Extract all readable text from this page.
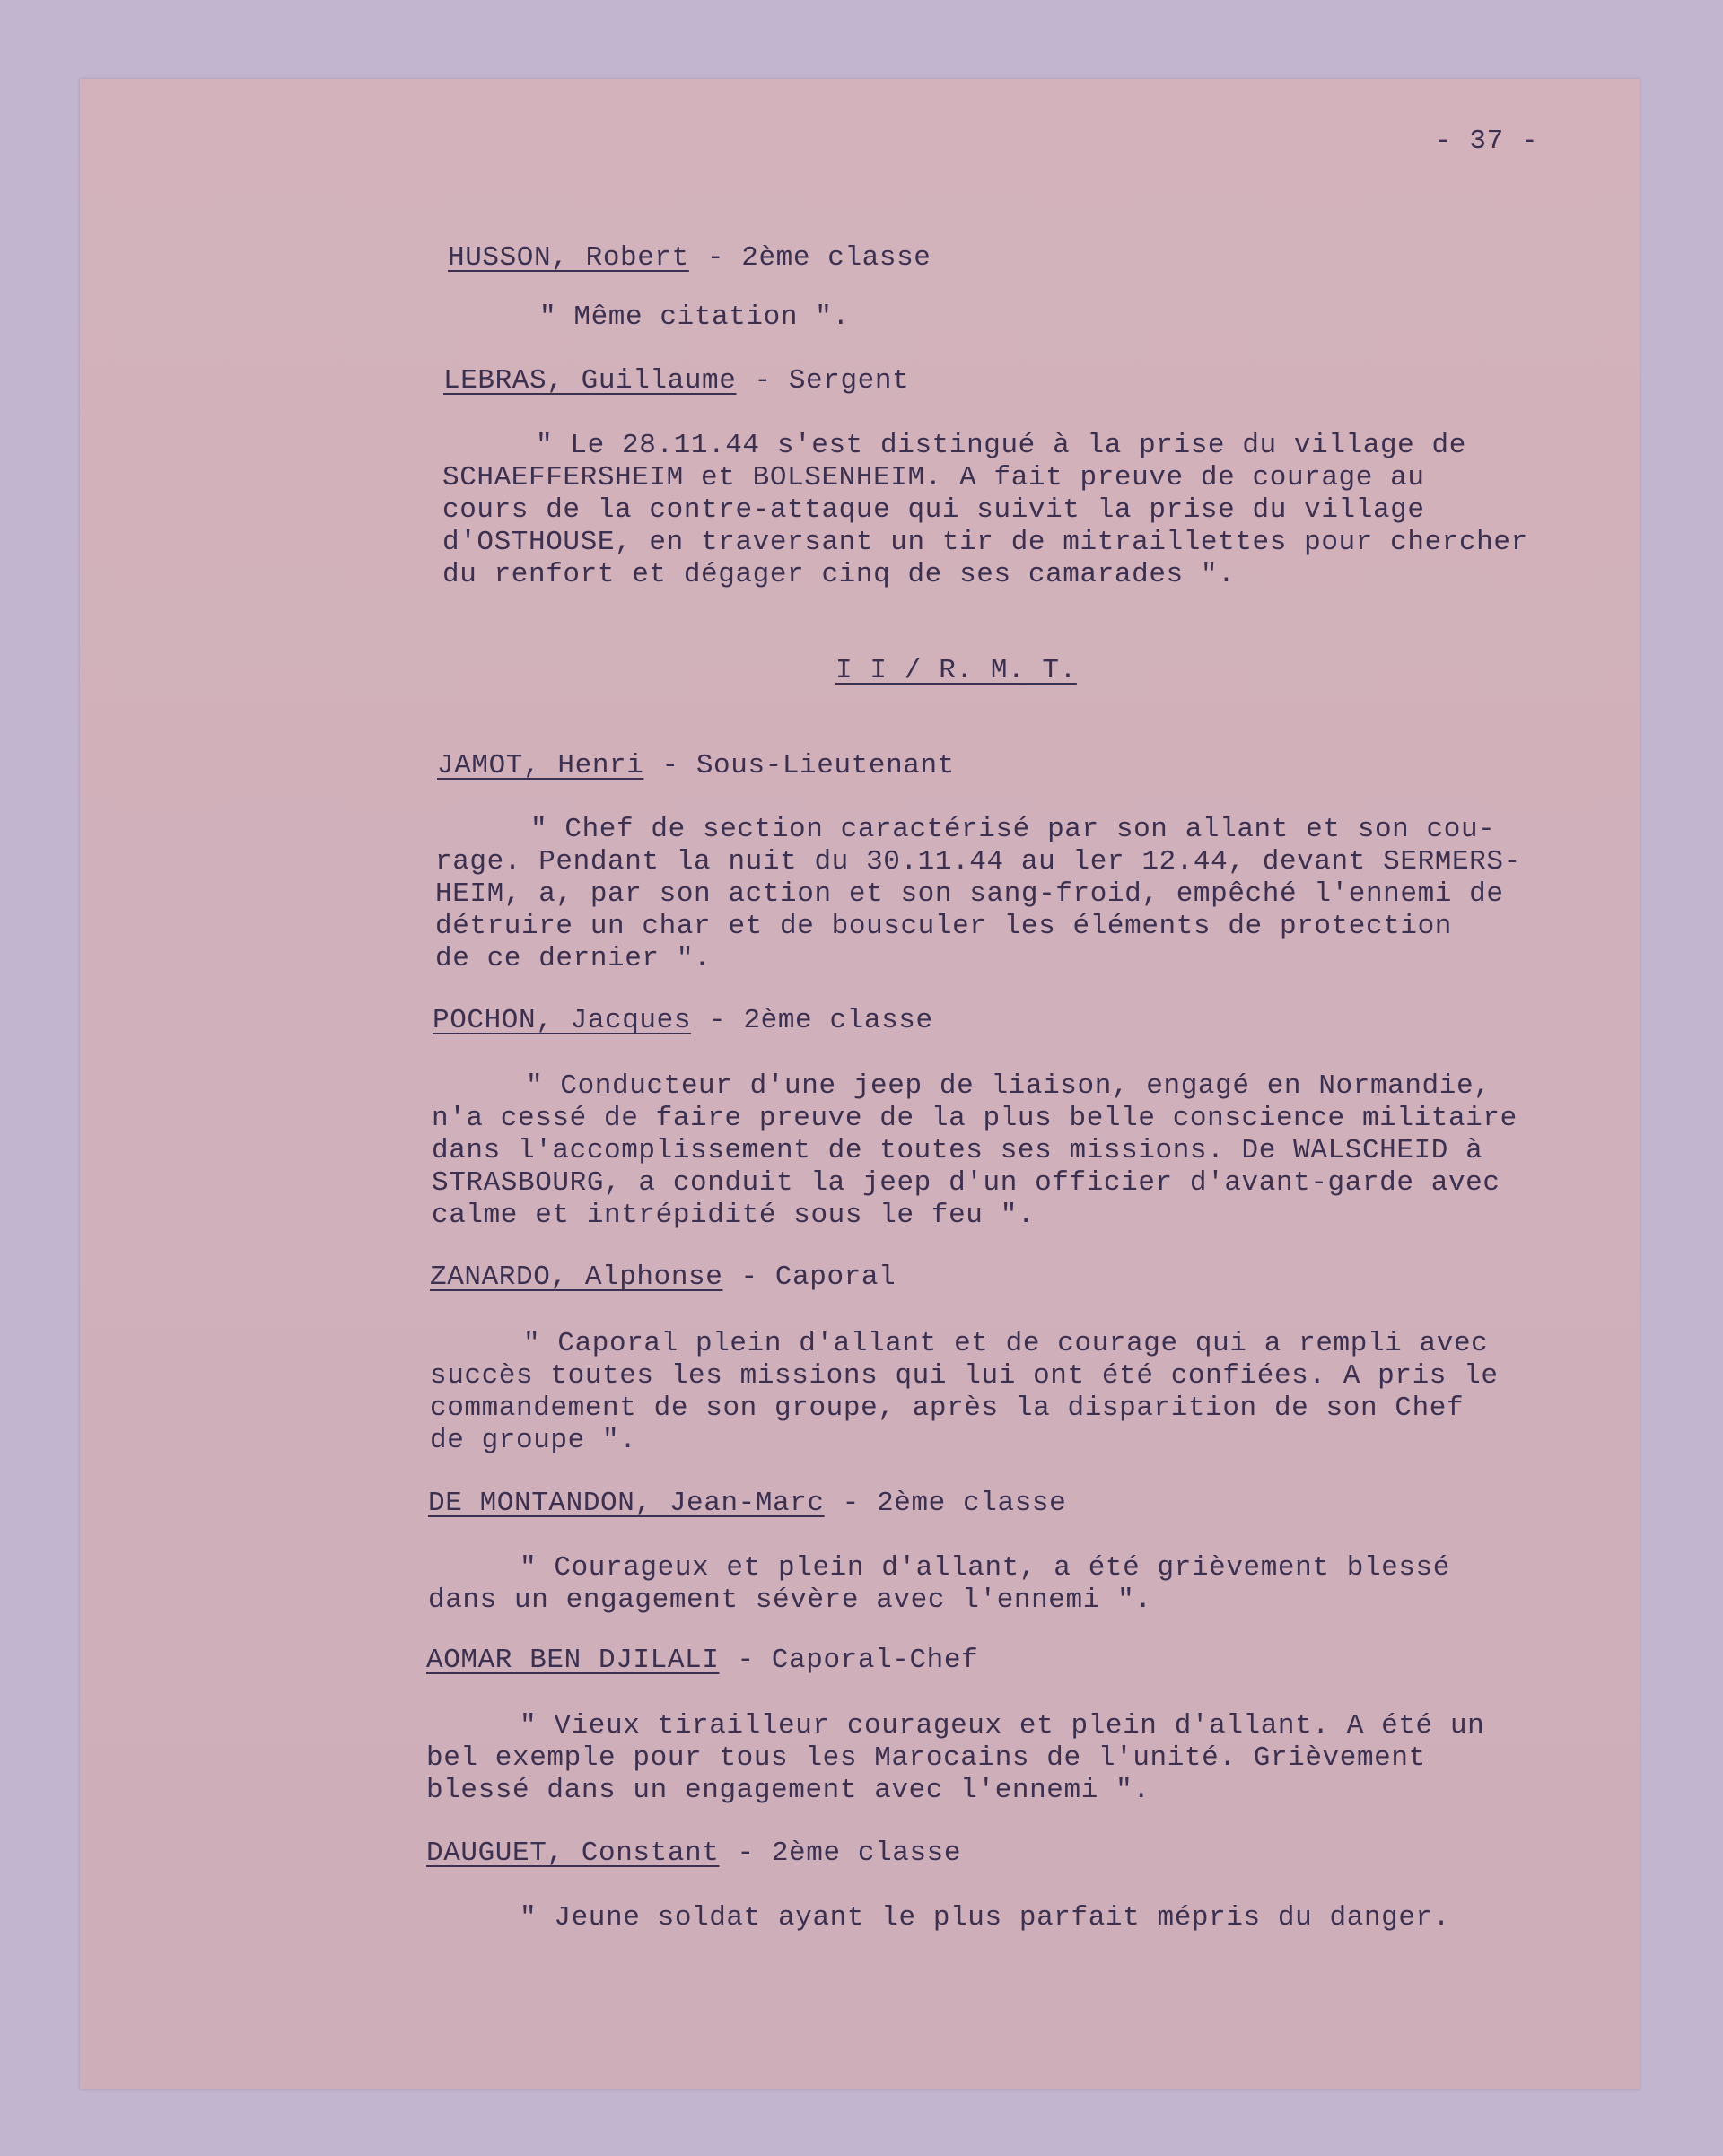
- 37 -
HUSSON, Robert - 2ème classe
" Même citation ".
LEBRAS, Guillaume - Sergent
" Le 28.11.44 s'est distingué à la prise du village de
SCHAEFFERSHEIM et BOLSENHEIM. A fait preuve de courage au
cours de la contre-attaque qui suivit la prise du village
d'OSTHOUSE, en traversant un tir de mitraillettes pour chercher
du renfort et dégager cinq de ses camarades ".
I I / R. M. T.
JAMOT, Henri - Sous-Lieutenant
" Chef de section caractérisé par son allant et son cou-
rage. Pendant la nuit du 30.11.44 au ler 12.44, devant SERMERS-
HEIM, a, par son action et son sang-froid, empêché l'ennemi de
détruire un char et de bousculer les éléments de protection
de ce dernier ".
POCHON, Jacques - 2ème classe
" Conducteur d'une jeep de liaison, engagé en Normandie,
n'a cessé de faire preuve de la plus belle conscience militaire
dans l'accomplissement de toutes ses missions. De WALSCHEID à
STRASBOURG, a conduit la jeep d'un officier d'avant-garde avec
calme et intrépidité sous le feu ".
ZANARDO, Alphonse - Caporal
" Caporal plein d'allant et de courage qui a rempli avec
succès toutes les missions qui lui ont été confiées. A pris le
commandement de son groupe, après la disparition de son Chef
de groupe ".
DE MONTANDON, Jean-Marc - 2ème classe
" Courageux et plein d'allant, a été grièvement blessé
dans un engagement sévère avec l'ennemi ".
AOMAR BEN DJILALI - Caporal-Chef
" Vieux tirailleur courageux et plein d'allant. A été un
bel exemple pour tous les Marocains de l'unité. Grièvement
blessé dans un engagement avec l'ennemi ".
DAUGUET, Constant - 2ème classe
" Jeune soldat ayant le plus parfait mépris du danger.
